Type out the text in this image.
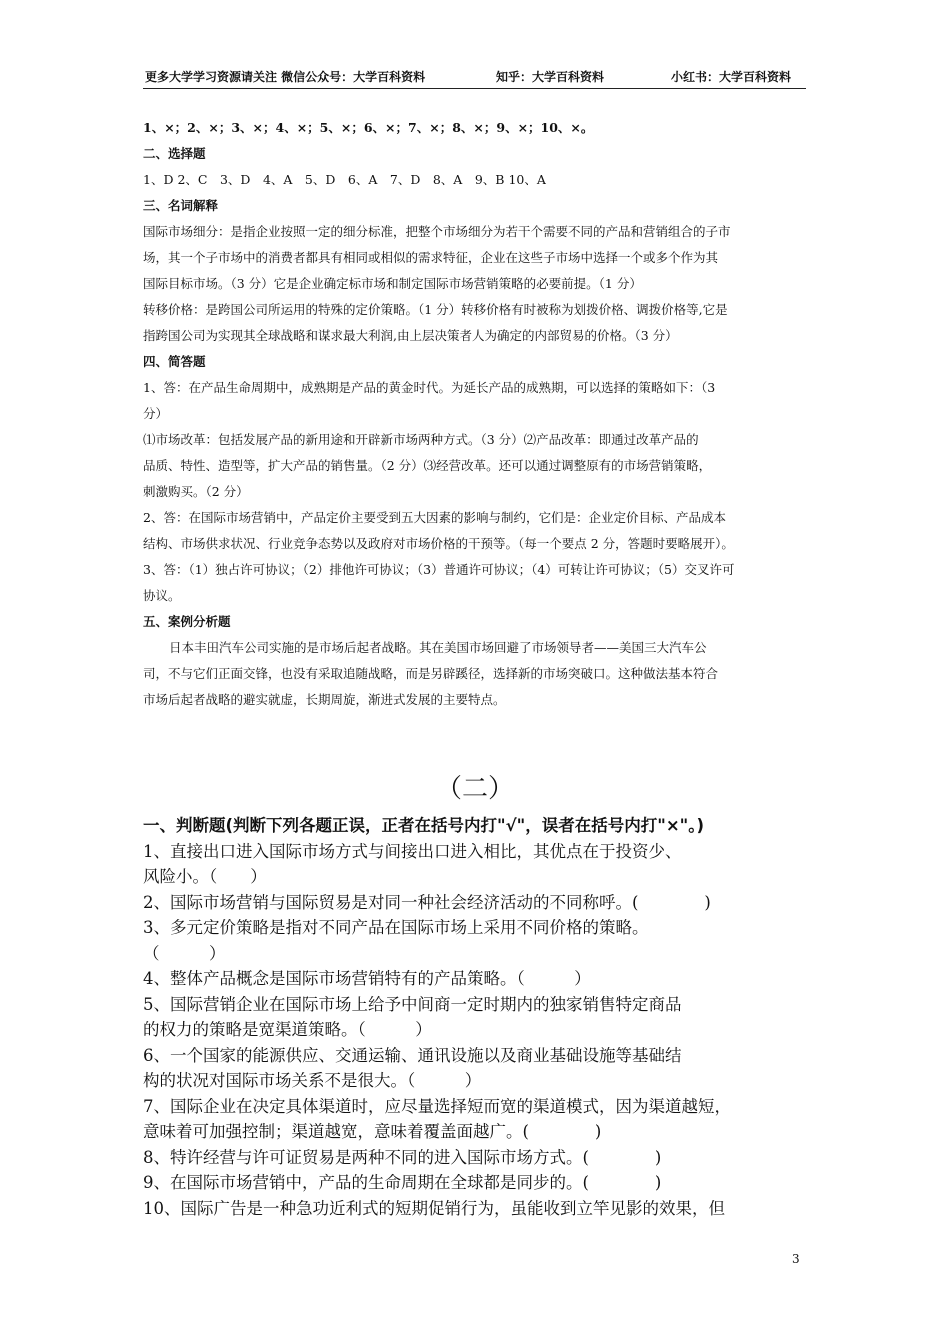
更多大学学习资源请关注 微信公众号：大学百科资料	知乎：大学百科资料	小红书：大学百科资料

1、×；2、×；3、×；4、×；5、×；6、×；7、×；8、×；9、×；10、×。

二、选择题

1、D 2、C　3、D　4、A　5、D　6、A　7、D　8、A　9、B 10、A

三、名词解释

国际市场细分：是指企业按照一定的细分标准，把整个市场细分为若干个需要不同的产品和营销组合的子市

场，其一个子市场中的消费者都具有相同或相似的需求特征，企业在这些子市场中选择一个或多个作为其

国际目标市场。（3 分）它是企业确定标市场和制定国际市场营销策略的必要前提。（1 分）

转移价格：是跨国公司所运用的特殊的定价策略。（1 分）转移价格有时被称为划拨价格、调拨价格等,它是

指跨国公司为实现其全球战略和谋求最大利润,由上层决策者人为确定的内部贸易的价格。（3 分）

四、简答题

1、答：在产品生命周期中，成熟期是产品的黄金时代。为延长产品的成熟期，可以选择的策略如下：（3

分）

⑴市场改革：包括发展产品的新用途和开辟新市场两种方式。（3 分）⑵产品改革：即通过改革产品的

品质、特性、造型等，扩大产品的销售量。（2 分）⑶经营改革。还可以通过调整原有的市场营销策略，

刺激购买。（2 分）

2、答：在国际市场营销中，产品定价主要受到五大因素的影响与制约，它们是：企业定价目标、产品成本

结构、市场供求状况、行业竞争态势以及政府对市场价格的干预等。（每一个要点 2 分，答题时要略展开）。

3、答：（1）独占许可协议；（2）排他许可协议；（3）普通许可协议；（4）可转让许可协议；（5）交叉许可

协议。

五、案例分析题

日本丰田汽车公司实施的是市场后起者战略。其在美国市场回避了市场领导者——美国三大汽车公

司，不与它们正面交锋，也没有采取追随战略，而是另辟蹊径，选择新的市场突破口。这种做法基本符合

市场后起者战略的避实就虚，长期周旋，渐进式发展的主要特点。

（二）

一、判断题(判断下列各题正误，正者在括号内打"√"，误者在括号内打"×"。)

1、直接出口进入国际市场方式与间接出口进入相比，其优点在于投资少、

风险小。（　　）

2、国际市场营销与国际贸易是对同一种社会经济活动的不同称呼。(　　　　)

3、多元定价策略是指对不同产品在国际市场上采用不同价格的策略。

（　　　）

4、整体产品概念是国际市场营销特有的产品策略。（　　　）

5、国际营销企业在国际市场上给予中间商一定时期内的独家销售特定商品

的权力的策略是宽渠道策略。（　　　）

6、一个国家的能源供应、交通运输、通讯设施以及商业基础设施等基础结

构的状况对国际市场关系不是很大。（　　　）

7、国际企业在决定具体渠道时，应尽量选择短而宽的渠道模式，因为渠道越短，

意味着可加强控制；渠道越宽，意味着覆盖面越广。(　　　　)

8、特许经营与许可证贸易是两种不同的进入国际市场方式。(　　　　)

9、在国际市场营销中，产品的生命周期在全球都是同步的。(　　　　)

10、国际广告是一种急功近利式的短期促销行为，虽能收到立竿见影的效果，但

3
